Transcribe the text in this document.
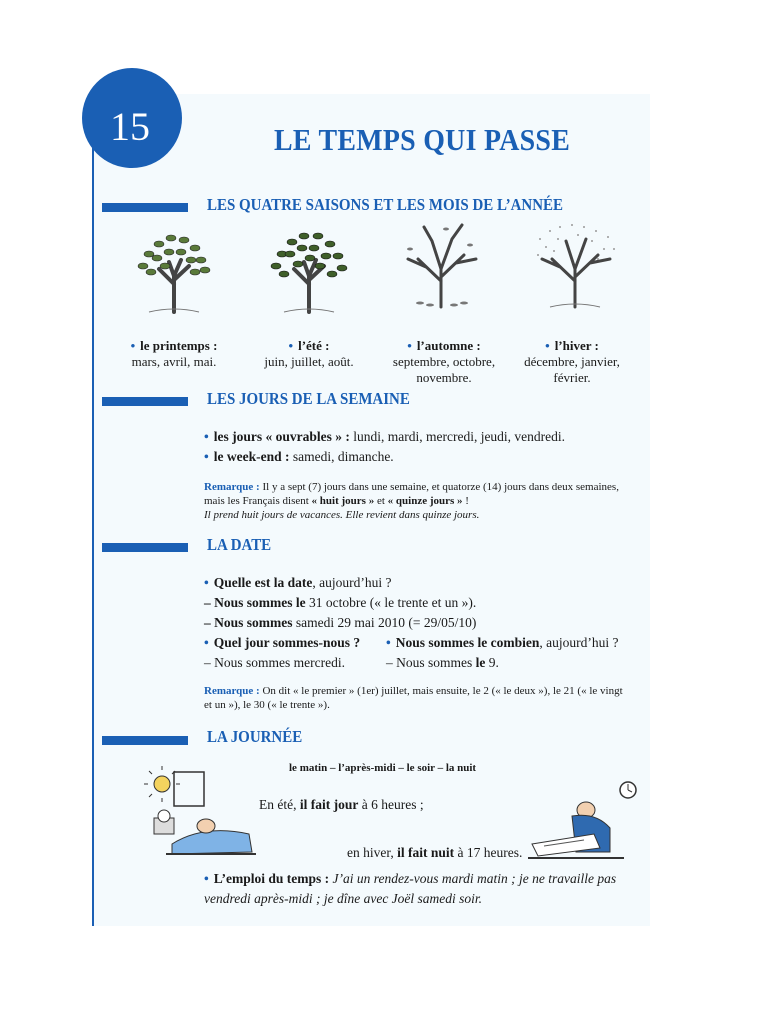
15	LE TEMPS QUI PASSE
LES QUATRE SAISONS ET LES MOIS DE L’ANNÉE
• le printemps :
mars, avril, mai.
• l’été :
juin, juillet, août.
• l’automne :
septembre, octobre, novembre.
• l’hiver :
décembre, janvier, février.
LES JOURS DE LA SEMAINE
• les jours « ouvrables » : lundi, mardi, mercredi, jeudi, vendredi.
• le week-end : samedi, dimanche.
Remarque : Il y a sept (7) jours dans une semaine, et quatorze (14) jours dans deux semaines,
mais les Français disent « huit jours » et « quinze jours » !
Il prend huit jours de vacances. Elle revient dans quinze jours.
LA DATE
• Quelle est la date, aujourd’hui ?
– Nous sommes le 31 octobre (« le trente et un »).
– Nous sommes samedi 29 mai 2010 (= 29/05/10)
• Quel jour sommes-nous ? • Nous sommes le combien, aujourd’hui ?
– Nous sommes mercredi.	– Nous sommes le 9.
Remarque : On dit « le premier » (1er) juillet, mais ensuite, le 2 (« le deux »), le 21 (« le vingt
et un »), le 30 (« le trente »).
LA JOURNÉE
le matin – l’après-midi – le soir – la nuit
En été, il fait jour à 6 heures ;
en hiver, il fait nuit à 17 heures.
• L’emploi du temps : J’ai un rendez-vous mardi matin ; je ne travaille pas
vendredi après-midi ; je dîne avec Joël samedi soir.
